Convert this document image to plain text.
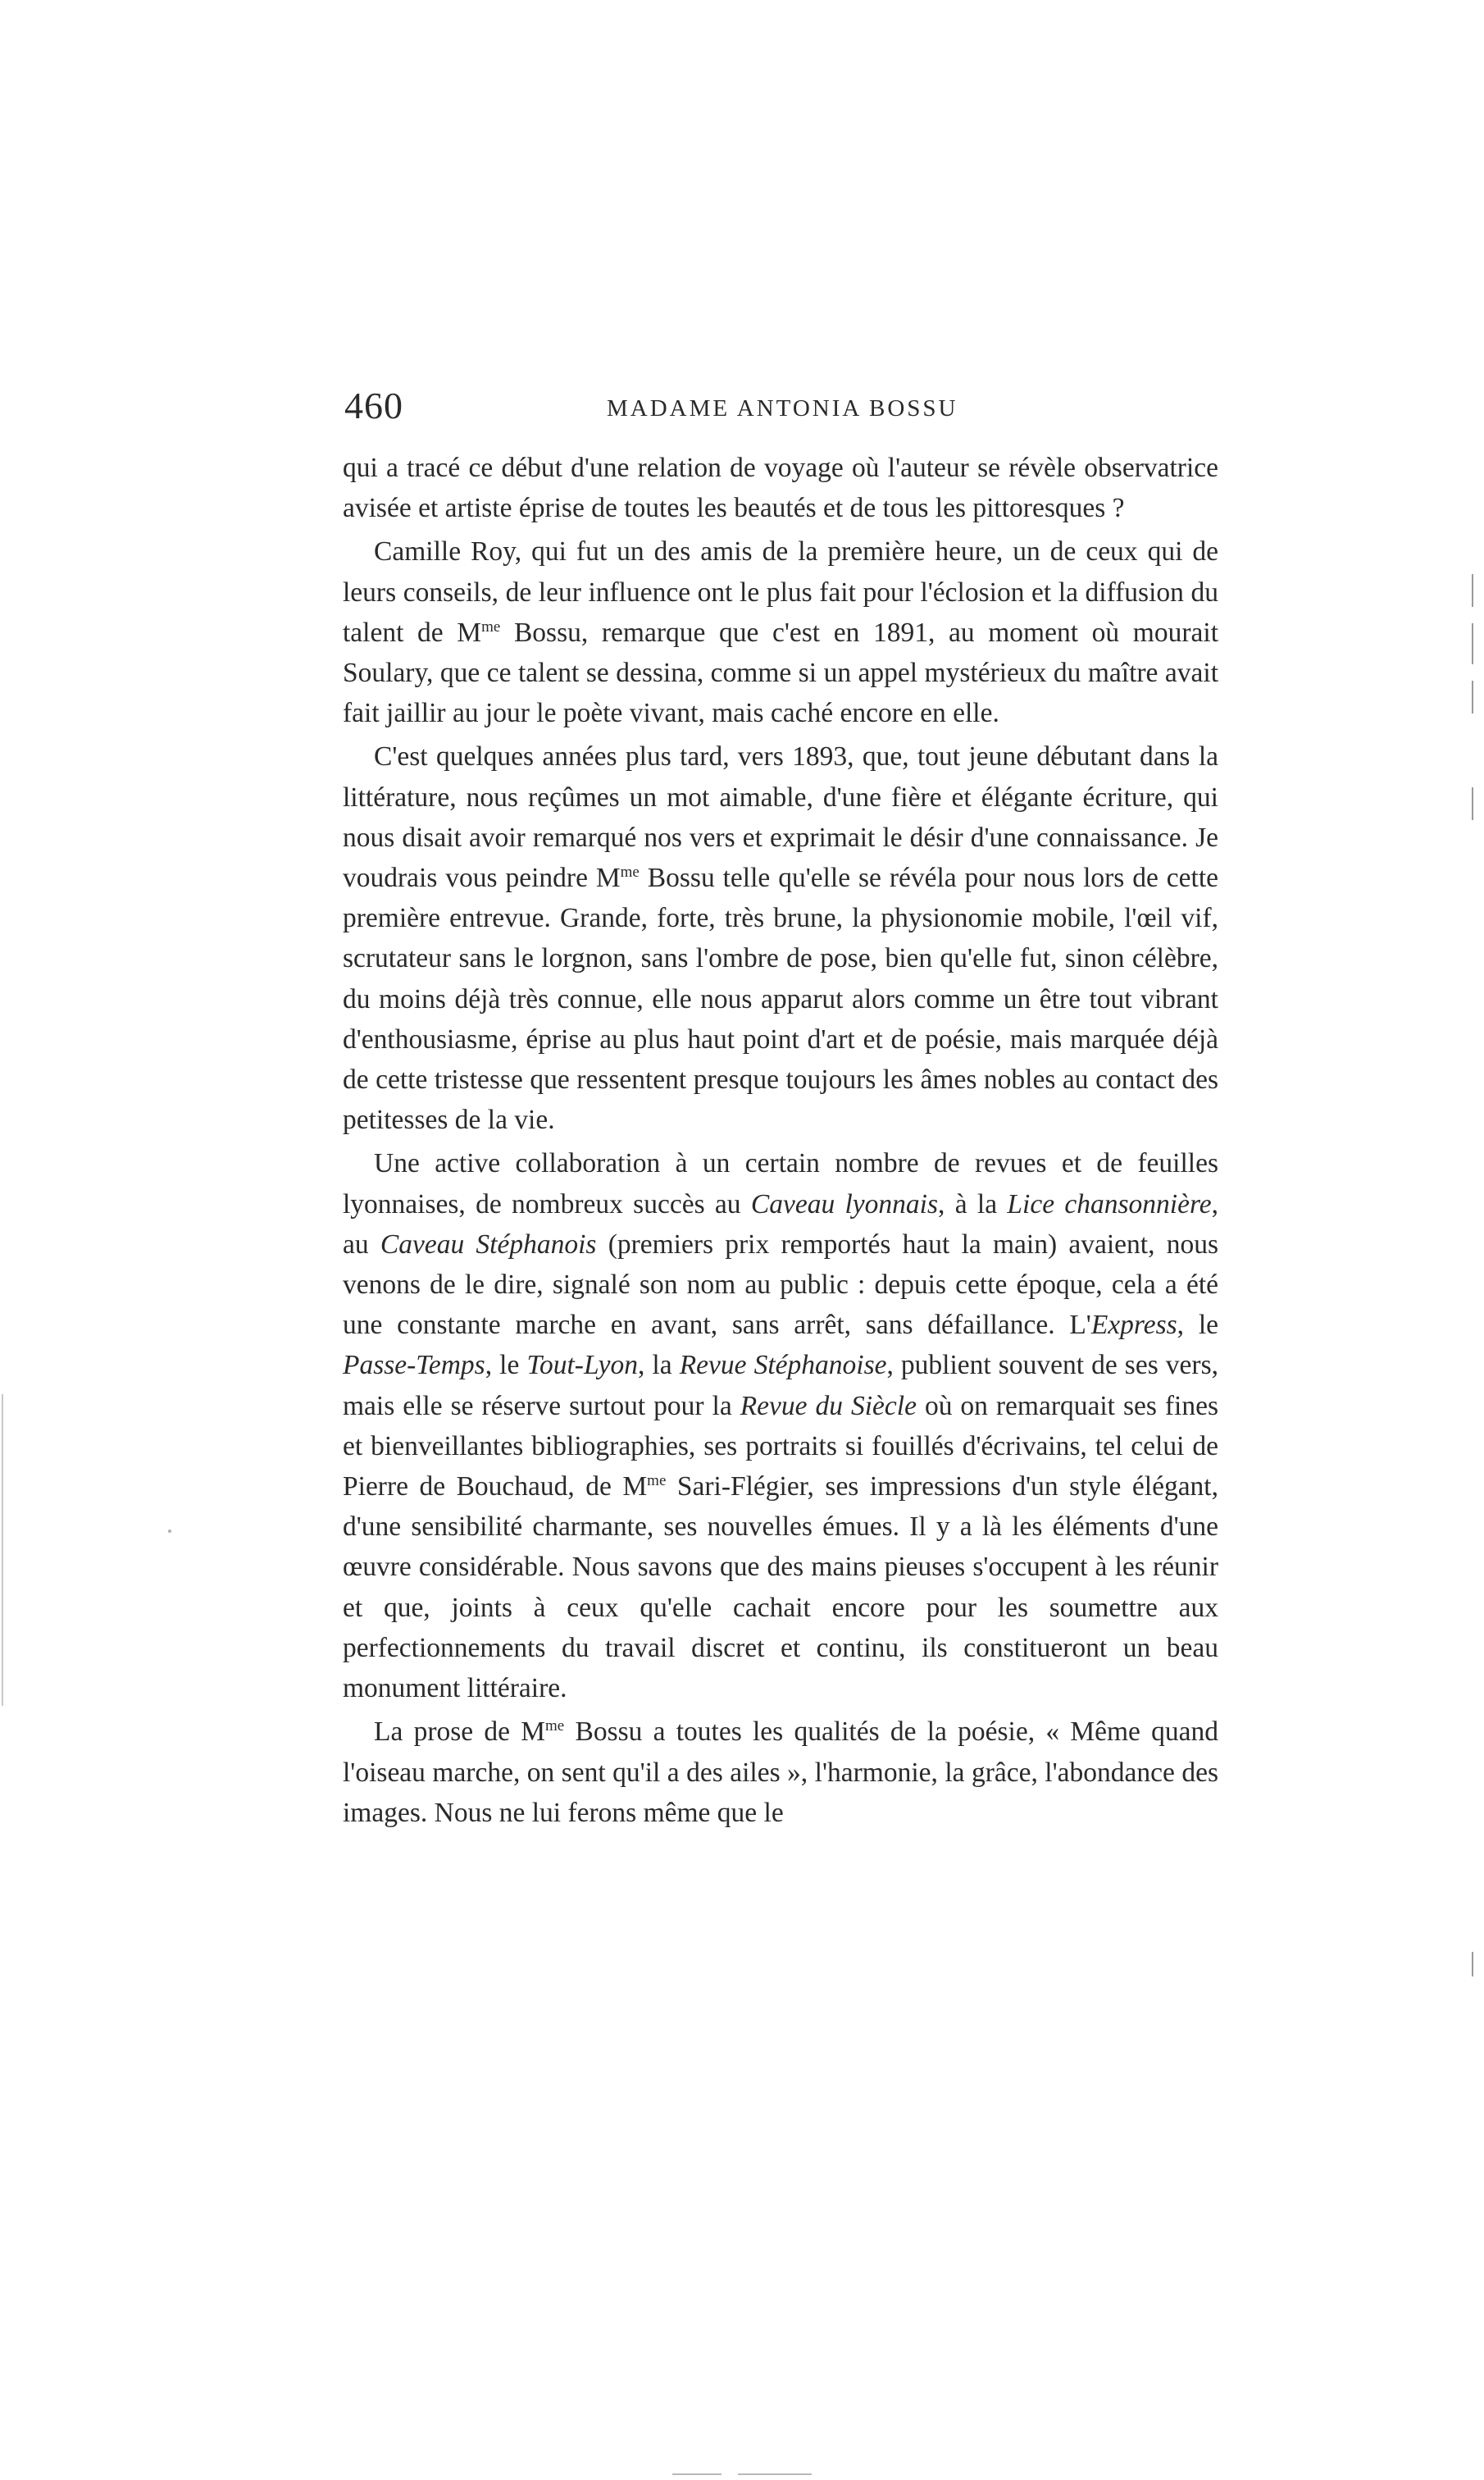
460	MADAME ANTONIA BOSSU

qui a tracé ce début d'une relation de voyage où l'auteur se révèle observatrice avisée et artiste éprise de toutes les beautés et de tous les pittoresques ?

Camille Roy, qui fut un des amis de la première heure, un de ceux qui de leurs conseils, de leur influence ont le plus fait pour l'éclosion et la diffusion du talent de $M^{me}$ Bossu, remarque que c'est en 1891, au moment où mourait Soulary, que ce talent se dessina, comme si un appel mystérieux du maître avait fait jaillir au jour le poète vivant, mais caché encore en elle.

C'est quelques années plus tard, vers 1893, que, tout jeune débutant dans la littérature, nous reçûmes un mot aimable, d'une fière et élégante écriture, qui nous disait avoir remarqué nos vers et exprimait le désir d'une connaissance. Je voudrais vous peindre $M^{me}$ Bossu telle qu'elle se révéla pour nous lors de cette première entrevue. Grande, forte, très brune, la physionomie mobile, l'œil vif, scrutateur sans le lorgnon, sans l'ombre de pose, bien qu'elle fut, sinon célèbre, du moins déjà très connue, elle nous apparut alors comme un être tout vibrant d'enthousiasme, éprise au plus haut point d'art et de poésie, mais marquée déjà de cette tristesse que ressentent presque toujours les âmes nobles au contact des petitesses de la vie.

Une active collaboration à un certain nombre de revues et de feuilles lyonnaises, de nombreux succès au Caveau lyonnais, à la Lice chansonnière, au Caveau Stéphanois (premiers prix remportés haut la main) avaient, nous venons de le dire, signalé son nom au public : depuis cette époque, cela a été une constante marche en avant, sans arrêt, sans défaillance. L'Express, le Passe-Temps, le Tout-Lyon, la Revue Stéphanoise, publient souvent de ses vers, mais elle se réserve surtout pour la Revue du Siècle où on remarquait ses fines et bienveillantes bibliographies, ses portraits si fouillés d'écrivains, tel celui de Pierre de Bouchaud, de $M^{me}$ Sari-Flégier, ses impressions d'un style élégant, d'une sensibilité charmante, ses nouvelles émues. Il y a là les éléments d'une œuvre considérable. Nous savons que des mains pieuses s'occupent à les réunir et que, joints à ceux qu'elle cachait encore pour les soumettre aux perfectionnements du travail discret et continu, ils constitueront un beau monument littéraire.

La prose de $M^{me}$ Bossu a toutes les qualités de la poésie, « Même quand l'oiseau marche, on sent qu'il a des ailes », l'harmonie, la grâce, l'abondance des images. Nous ne lui ferons même que le
